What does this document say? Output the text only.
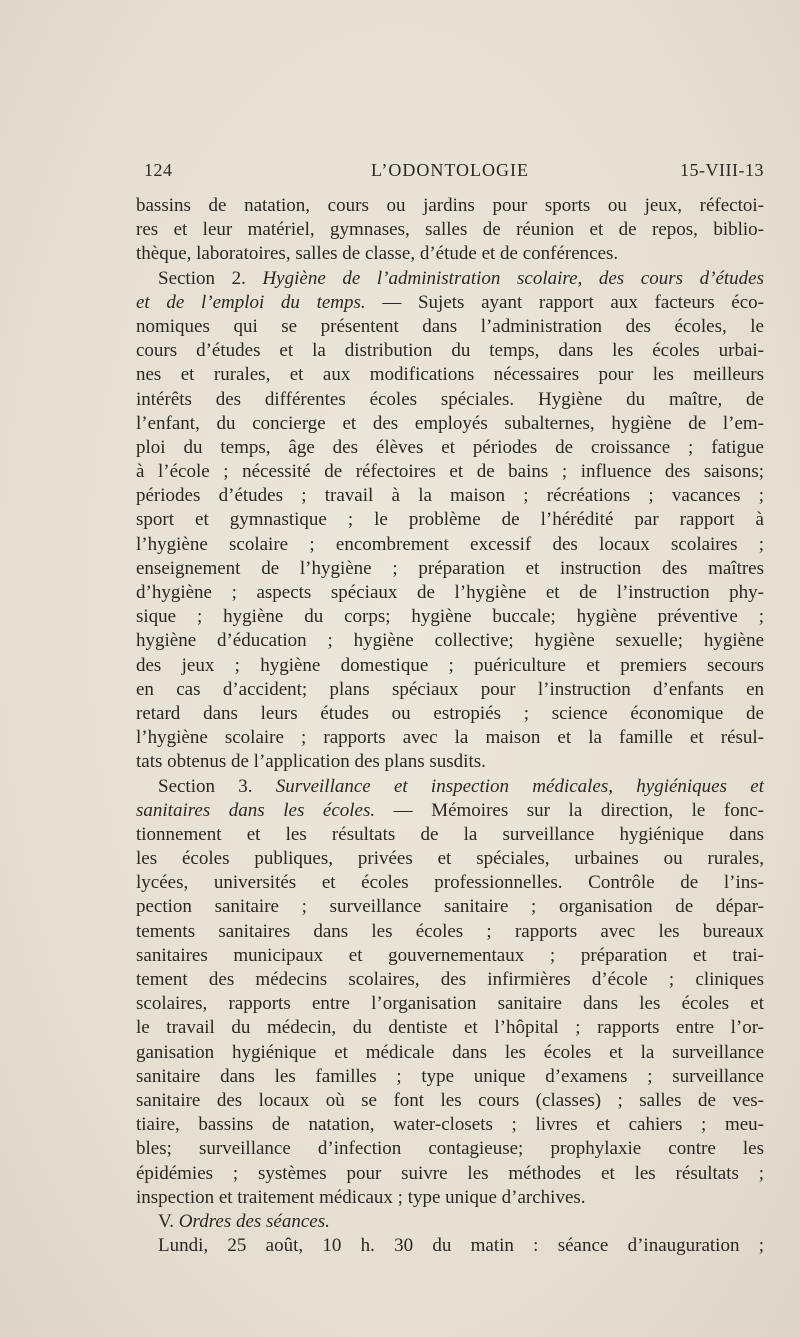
124	L’ODONTOLOGIE	15-VIII-13
bassins de natation, cours ou jardins pour sports ou jeux, réfectoi-
res et leur matériel, gymnases, salles de réunion et de repos, biblio-
thèque, laboratoires, salles de classe, d’étude et de conférences.
Section 2. Hygiène de l’administration scolaire, des cours d’études
et de l’emploi du temps. — Sujets ayant rapport aux facteurs éco-
nomiques qui se présentent dans l’administration des écoles, le
cours d’études et la distribution du temps, dans les écoles urbai-
nes et rurales, et aux modifications nécessaires pour les meilleurs
intérêts des différentes écoles spéciales. Hygiène du maître, de
l’enfant, du concierge et des employés subalternes, hygiène de l’em-
ploi du temps, âge des élèves et périodes de croissance ; fatigue
à l’école ; nécessité de réfectoires et de bains ; influence des saisons;
périodes d’études ; travail à la maison ; récréations ; vacances ;
sport et gymnastique ; le problème de l’hérédité par rapport à
l’hygiène scolaire ; encombrement excessif des locaux scolaires ;
enseignement de l’hygiène ; préparation et instruction des maîtres
d’hygiène ; aspects spéciaux de l’hygiène et de l’instruction phy-
sique ; hygiène du corps; hygiène buccale; hygiène préventive ;
hygiène d’éducation ; hygiène collective; hygiène sexuelle; hygiène
des jeux ; hygiène domestique ; puériculture et premiers secours
en cas d’accident; plans spéciaux pour l’instruction d’enfants en
retard dans leurs études ou estropiés ; science économique de
l’hygiène scolaire ; rapports avec la maison et la famille et résul-
tats obtenus de l’application des plans susdits.
Section 3. Surveillance et inspection médicales, hygiéniques et
sanitaires dans les écoles. — Mémoires sur la direction, le fonc-
tionnement et les résultats de la surveillance hygiénique dans
les écoles publiques, privées et spéciales, urbaines ou rurales,
lycées, universités et écoles professionnelles. Contrôle de l’ins-
pection sanitaire ; surveillance sanitaire ; organisation de dépar-
tements sanitaires dans les écoles ; rapports avec les bureaux
sanitaires municipaux et gouvernementaux ; préparation et trai-
tement des médecins scolaires, des infirmières d’école ; cliniques
scolaires, rapports entre l’organisation sanitaire dans les écoles et
le travail du médecin, du dentiste et l’hôpital ; rapports entre l’or-
ganisation hygiénique et médicale dans les écoles et la surveillance
sanitaire dans les familles ; type unique d’examens ; surveillance
sanitaire des locaux où se font les cours (classes) ; salles de ves-
tiaire, bassins de natation, water-closets ; livres et cahiers ; meu-
bles; surveillance d’infection contagieuse; prophylaxie contre les
épidémies ; systèmes pour suivre les méthodes et les résultats ;
inspection et traitement médicaux ; type unique d’archives.
V. Ordres des séances.
Lundi, 25 août, 10 h. 30 du matin : séance d’inauguration ;
